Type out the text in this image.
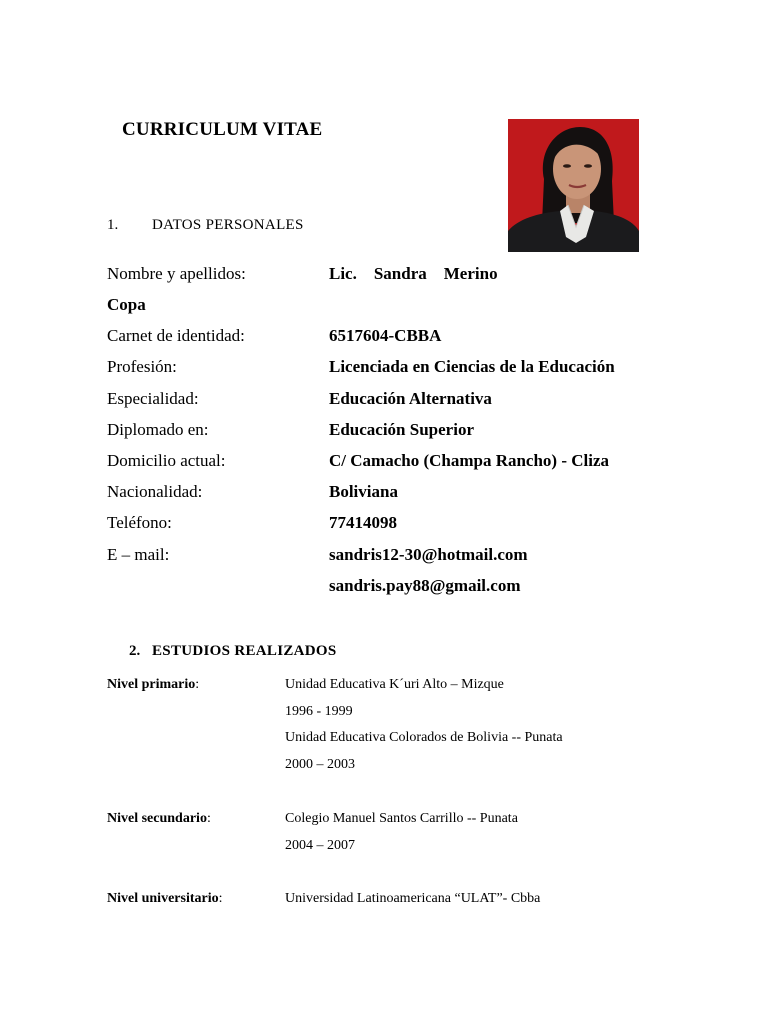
CURRICULUM VITAE
1. DATOS PERSONALES
Nombre y apellidos:	Lic.    Sandra    Merino
Copa
Carnet de identidad:	6517604-CBBA
Profesión:	Licenciada en Ciencias de la Educación
Especialidad:	Educación Alternativa
Diplomado en:	Educación Superior
Domicilio actual:	C/ Camacho (Champa Rancho) - Cliza
Nacionalidad:	Boliviana
Teléfono:	77414098
E – mail:	sandris12-30@hotmail.com
sandris.pay88@gmail.com
2. ESTUDIOS REALIZADOS
Nivel primario:	Unidad Educativa K´uri Alto – Mizque
1996 - 1999
Unidad Educativa Colorados de Bolivia -- Punata
2000 – 2003
Nivel secundario:	Colegio Manuel Santos Carrillo -- Punata
2004 – 2007
Nivel universitario:	Universidad Latinoamericana “ULAT”- Cbba
